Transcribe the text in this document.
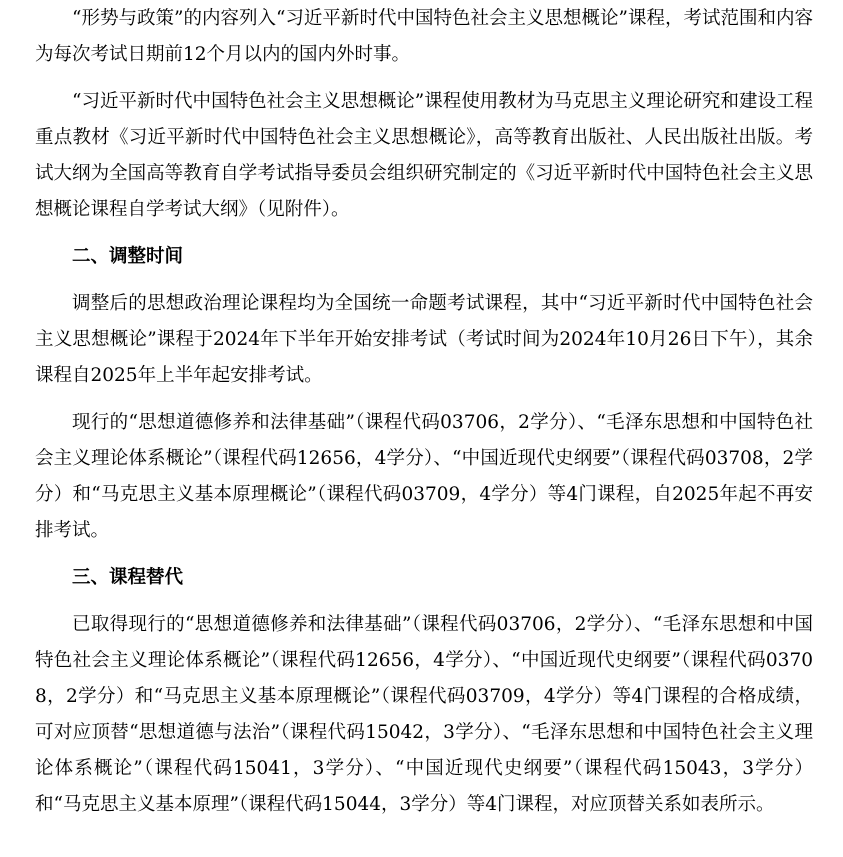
“形势与政策”的内容列入“习近平新时代中国特色社会主义思想概论”课程，考试范围和内容为每次考试日期前12个月以内的国内外时事。

“习近平新时代中国特色社会主义思想概论”课程使用教材为马克思主义理论研究和建设工程重点教材《习近平新时代中国特色社会主义思想概论》，高等教育出版社、人民出版社出版。考试大纲为全国高等教育自学考试指导委员会组织研究制定的《习近平新时代中国特色社会主义思想概论课程自学考试大纲》（见附件）。

二、调整时间

调整后的思想政治理论课程均为全国统一命题考试课程，其中“习近平新时代中国特色社会主义思想概论”课程于2024年下半年开始安排考试（考试时间为2024年10月26日下午），其余课程自2025年上半年起安排考试。

现行的“思想道德修养和法律基础”（课程代码03706，2学分）、“毛泽东思想和中国特色社会主义理论体系概论”（课程代码12656，4学分）、“中国近现代史纲要”（课程代码03708，2学分）和“马克思主义基本原理概论”（课程代码03709，4学分）等4门课程，自2025年起不再安排考试。

三、课程替代

已取得现行的“思想道德修养和法律基础”（课程代码03706，2学分）、“毛泽东思想和中国特色社会主义理论体系概论”（课程代码12656，4学分）、“中国近现代史纲要”（课程代码03708，2学分）和“马克思主义基本原理概论”（课程代码03709，4学分）等4门课程的合格成绩，可对应顶替“思想道德与法治”（课程代码15042，3学分）、“毛泽东思想和中国特色社会主义理论体系概论”（课程代码15041，3学分）、“中国近现代史纲要”（课程代码15043，3学分）和“马克思主义基本原理”（课程代码15044，3学分）等4门课程，对应顶替关系如表所示。
